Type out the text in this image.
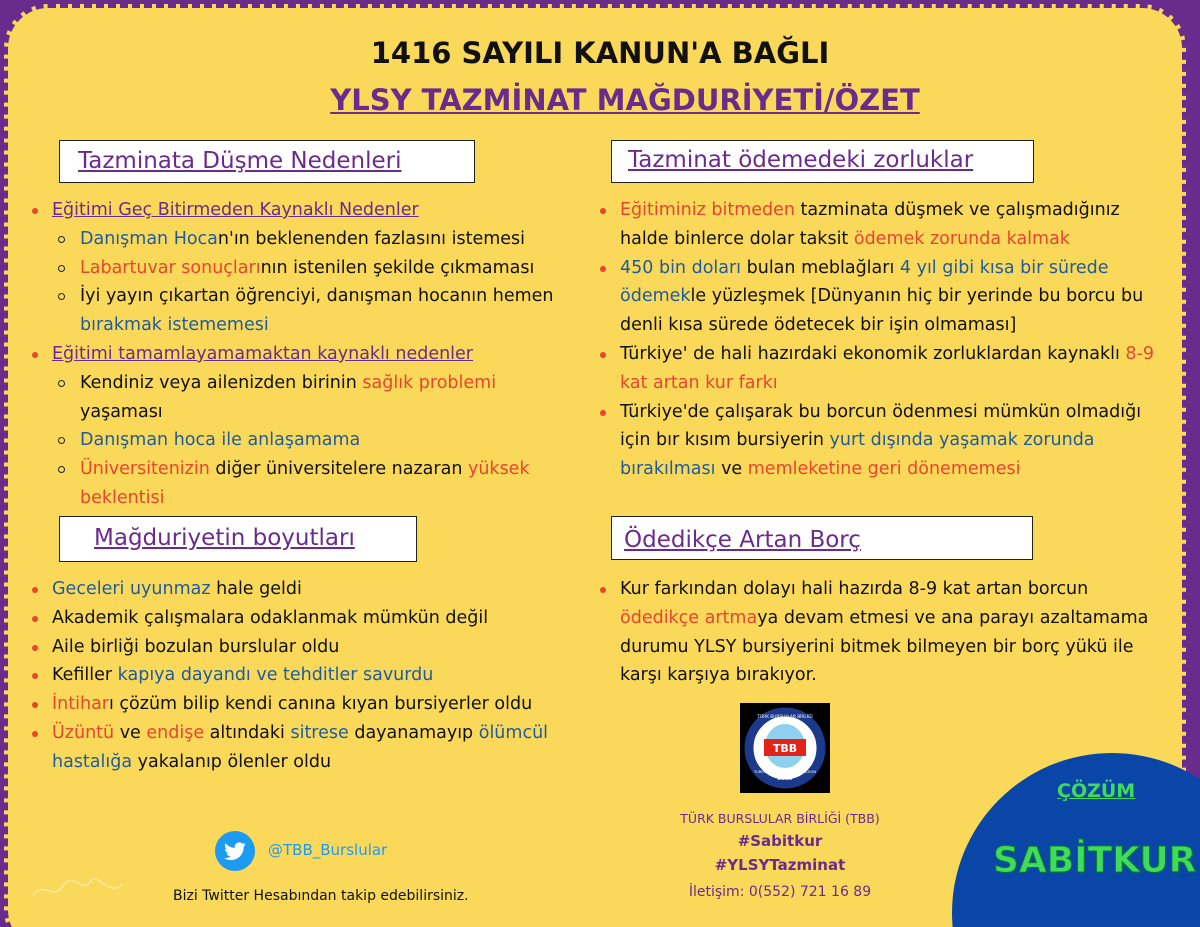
1416 SAYILI KANUN'A BAĞLI
YLSY TAZMİNAT MAĞDURİYETİ/ÖZET
Tazminata Düşme Nedenleri	Tazminat ödemedeki zorluklar
Mağduriyetin boyutları	Ödedikçe Artan Borç
Eğitimi Geç Bitirmeden Kaynaklı Nedenler
Danışman Hocan'ın beklenenden fazlasını istemesi
Labartuvar sonuçlarının istenilen şekilde çıkmaması
İyi yayın çıkartan öğrenciyi, danışman hocanın hemen bırakmak istememesi
Eğitimi tamamlayamamaktan kaynaklı nedenler
Kendiniz veya ailenizden birinin sağlık problemi yaşaması
Danışman hoca ile anlaşamama
Üniversitenizin diğer üniversitelere nazaran yüksek beklentisi
Eğitiminiz bitmeden tazminata düşmek ve çalışmadığınız halde binlerce dolar taksit ödemek zorunda kalmak
450 bin doları bulan meblağları 4 yıl gibi kısa bir sürede ödemekle yüzleşmek [Dünyanın hiç bir yerinde bu borcu bu denli kısa sürede ödetecek bir işin olmaması]
Türkiye' de hali hazırdaki ekonomik zorluklardan kaynaklı 8-9 kat artan kur farkı
Türkiye'de çalışarak bu borcun ödenmesi mümkün olmadığı için bır kısım bursiyerin yurt dışında yaşamak zorunda bırakılması ve memleketine geri dönememesi
Geceleri uyunmaz hale geldi
Akademik çalışmalara odaklanmak mümkün değil
Aile birliği bozulan burslular oldu
Kefiller kapıya dayandı ve tehditler savurdu
İntiharı çözüm bilip kendi canına kıyan bursiyerler oldu
Üzüntü ve endişe altındaki sitrese dayanamayıp ölümcül hastalığa yakalanıp ölenler oldu
Kur farkından dolayı hali hazırda 8-9 kat artan borcun ödedikçe artmaya devam etmesi ve ana parayı azaltamama durumu YLSY bursiyerini bitmek bilmeyen bir borç yükü ile karşı karşıya bırakıyor.
TBB
2005
TÜRK BURSLULAR BİRLİĞİ
TURKISH SCHOLARS ASSOCIATION
TÜRK BURSLULAR BİRLİĞİ (TBB)
#Sabitkur
#YLSYTazminat
İletişim: 0(552) 721 16 89
@TBB_Burslular
Bizi Twitter Hesabından takip edebilirsiniz.
ÇÖZÜM
SABİTKUR
